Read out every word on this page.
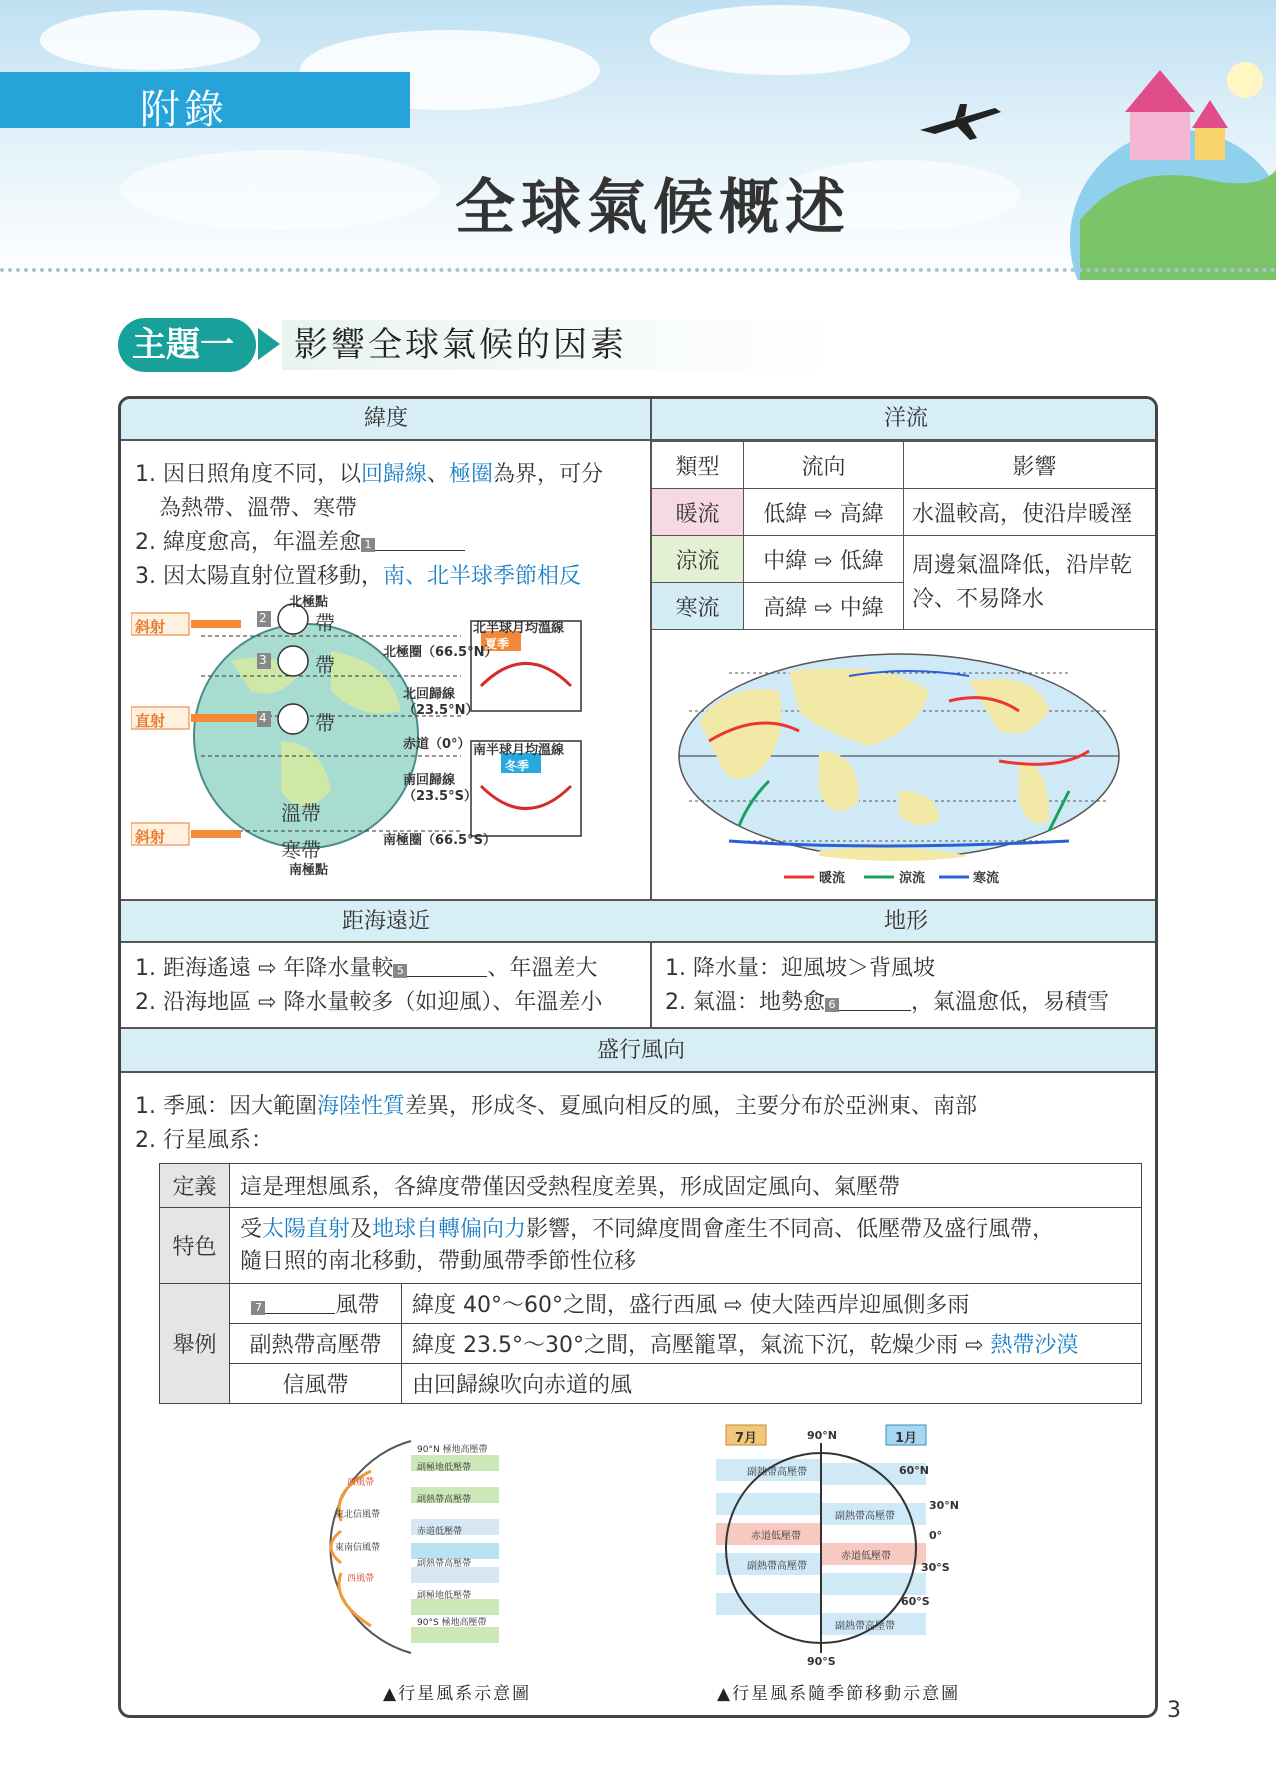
附錄
全球氣候概述
主題一	影響全球氣候的因素
緯度	洋流
1. 因日照角度不同，以回歸線、極圈為界，可分
為熱帶、溫帶、寒帶
2. 緯度愈高，年溫差愈 1
3. 因太陽直射位置移動，南、北半球季節相反
北極點
南極點
斜射
直射
斜射
2
3
4
帶
帶
帶
溫帶
寒帶
北極圈（66.5°N）
北回歸線
（23.5°N）
赤道（0°）
南回歸線
（23.5°S）
南極圈（66.5°S）
北半球月均溫線
夏季
南半球月均溫線
冬季
類型	流向	影響
暖流	低緯 ⇨ 高緯	水溫較高，使沿岸暖溼
涼流	中緯 ⇨ 低緯	周邊氣溫降低，沿岸乾
冷、不易降水
寒流	高緯 ⇨ 中緯	
暖流	涼流	寒流
距海遠近	地形
1. 距海遙遠 ⇨ 年降水量較 5	、年溫差大
2. 沿海地區 ⇨ 降水量較多（如迎風）、年溫差小
1. 降水量：迎風坡＞背風坡
2. 氣溫：地勢愈 6	，氣溫愈低，易積雪
盛行風向
1. 季風：因大範圍海陸性質差異，形成冬、夏風向相反的風，主要分布於亞洲東、南部
2. 行星風系：
定義	這是理想風系，各緯度帶僅因受熱程度差異，形成固定風向、氣壓帶	
特色	受太陽直射及地球自轉偏向力影響，不同緯度間會產生不同高、低壓帶及盛行風帶，
隨日照的南北移動，帶動風帶季節性位移	
舉例	7 風帶	緯度 40°～60°之間，盛行西風 ⇨ 使大陸西岸迎風側多雨
	副熱帶高壓帶	緯度 23.5°～30°之間，高壓籠罩，氣流下沉，乾燥少雨 ⇨ 熱帶沙漠
	信風帶	由回歸線吹向赤道的風
90°N 極地高壓帶
副極地低壓帶
西風帶
副熱帶高壓帶
東北信風帶
赤道低壓帶
東南信風帶
副熱帶高壓帶
西風帶
副極地低壓帶
90°S 極地高壓帶
▲行星風系示意圖
7月	1月
90°N
90°S
60°N
30°N
0°
30°S
60°S
副熱帶高壓帶
赤道低壓帶
副熱帶高壓帶
副熱帶高壓帶
赤道低壓帶
副熱帶高壓帶
▲行星風系隨季節移動示意圖
3
